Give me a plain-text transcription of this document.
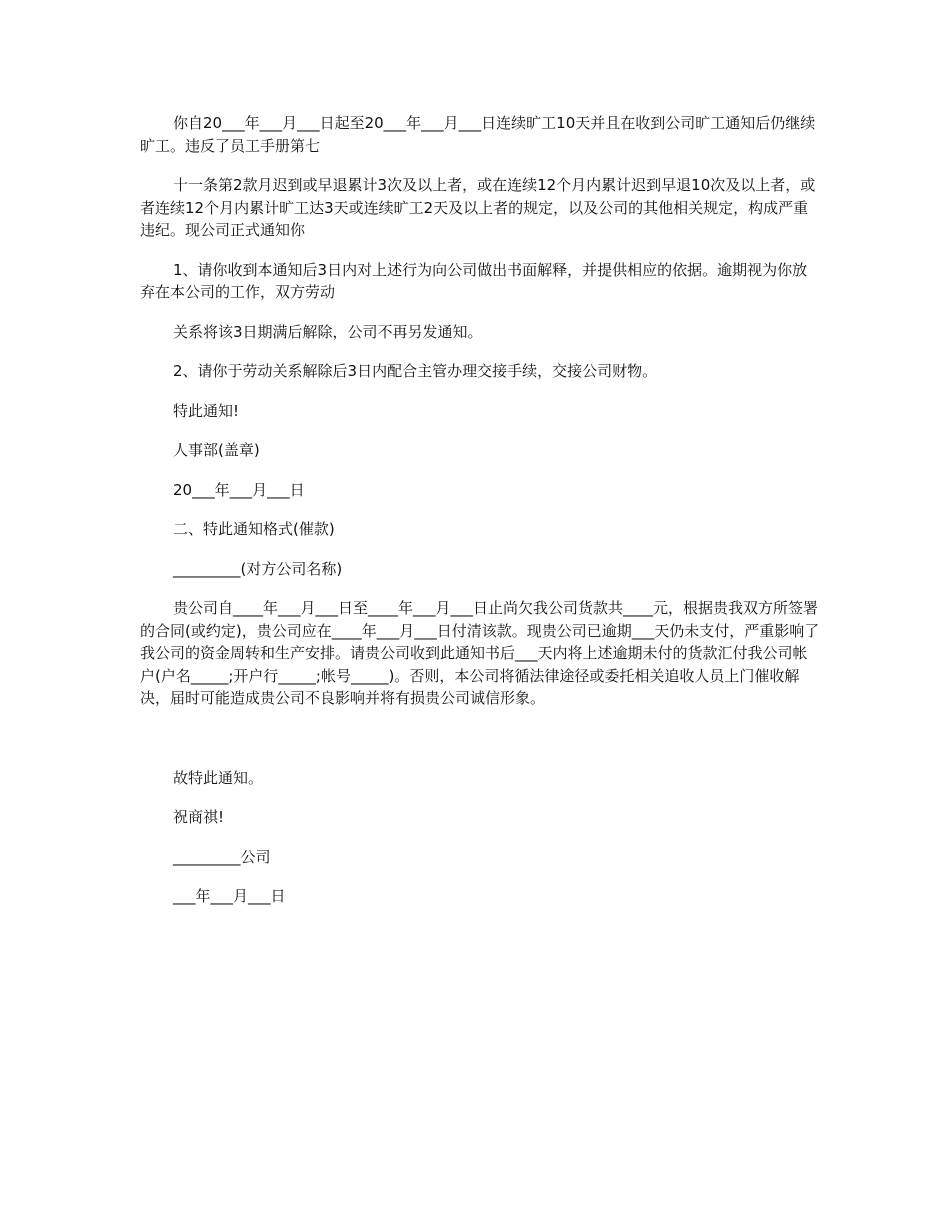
你自20___年___月___日起至20___年___月___日连续旷工10天并且在收到公司旷工通知后仍继续旷工。违反了员工手册第七

十一条第2款月迟到或早退累计3次及以上者，或在连续12个月内累计迟到早退10次及以上者，或者连续12个月内累计旷工达3天或连续旷工2天及以上者的规定，以及公司的其他相关规定，构成严重违纪。现公司正式通知你

1、请你收到本通知后3日内对上述行为向公司做出书面解释，并提供相应的依据。逾期视为你放弃在本公司的工作，双方劳动

关系将该3日期满后解除，公司不再另发通知。

2、请你于劳动关系解除后3日内配合主管办理交接手续，交接公司财物。

特此通知!

人事部(盖章)

20___年___月___日

二、特此通知格式(催款)

_________(对方公司名称)

贵公司自____年___月___日至____年___月___日止尚欠我公司货款共____元，根据贵我双方所签署的合同(或约定)，贵公司应在____年___月___日付清该款。现贵公司已逾期___天仍未支付，严重影响了我公司的资金周转和生产安排。请贵公司收到此通知书后___天内将上述逾期未付的货款汇付我公司帐户(户名_____;开户行_____;帐号_____)。否则，本公司将循法律途径或委托相关追收人员上门催收解决，届时可能造成贵公司不良影响并将有损贵公司诚信形象。

故特此通知。

祝商祺!

_________公司

___年___月___日
